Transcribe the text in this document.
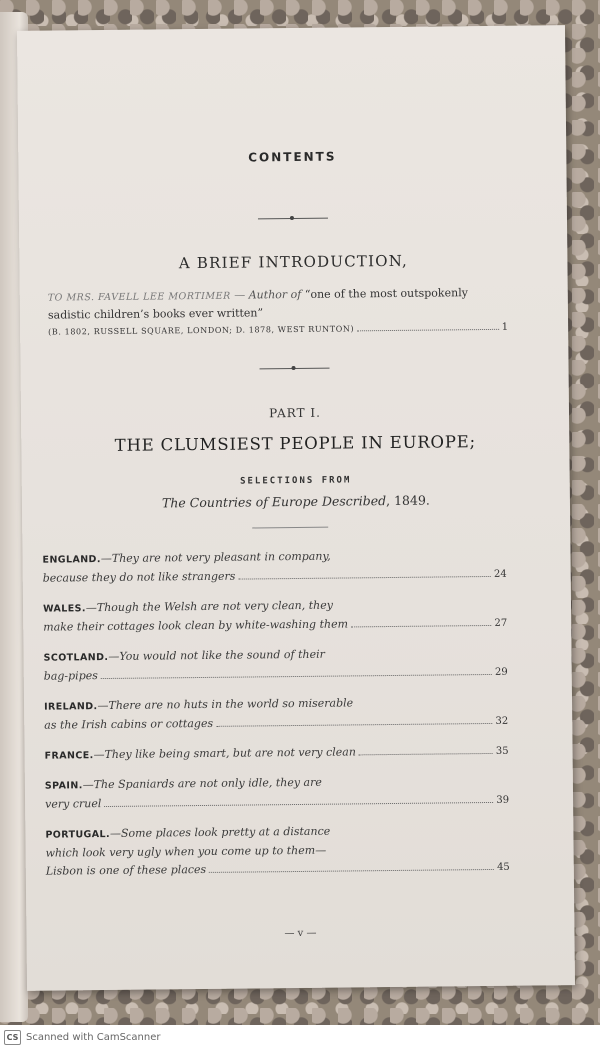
CONTENTS
A BRIEF INTRODUCTION,
TO MRS. FAVELL LEE MORTIMER — Author of “one of the most outspokenly sadistic children’s books ever written”
(B. 1802, RUSSELL SQUARE, LONDON; D. 1878, WEST RUNTON)	1
PART I.
THE CLUMSIEST PEOPLE IN EUROPE;
SELECTIONS FROM
The Countries of Europe Described, 1849.
ENGLAND.—They are not very pleasant in company,
because they do not like strangers	24
WALES.—Though the Welsh are not very clean, they
make their cottages look clean by white-washing them	27
SCOTLAND.—You would not like the sound of their
bag-pipes	29
IRELAND.—There are no huts in the world so miserable
as the Irish cabins or cottages	32
FRANCE. — They like being smart, but are not very clean	35
SPAIN.—The Spaniards are not only idle, they are
very cruel	39
PORTUGAL.—Some places look pretty at a distance
which look very ugly when you come up to them—
Lisbon is one of these places	45
— v —
CS Scanned with CamScanner
